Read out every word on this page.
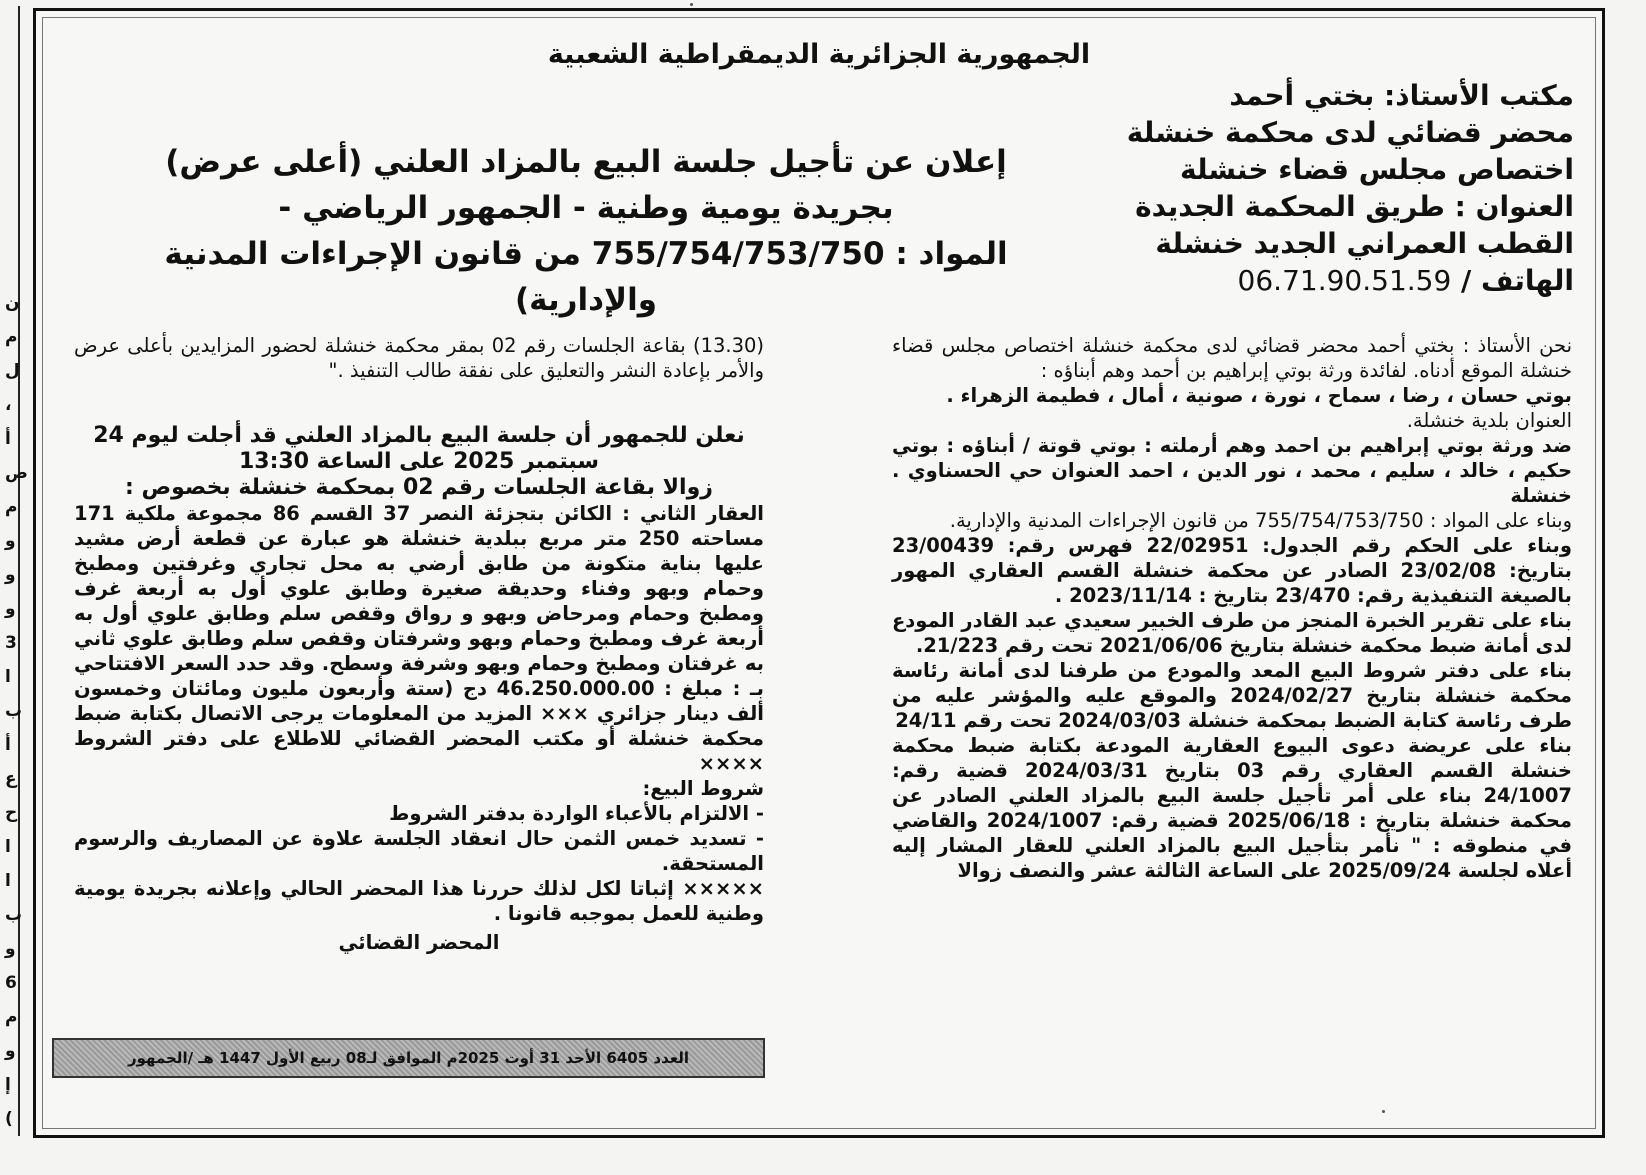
ن
م
ل
،
أ
ص
م
و
و
و
3
ا
ب
أ
ع
ح
ا
ا
ب
و
6
م
و
إ
(
الجمهورية الجزائرية الديمقراطية الشعبية
مكتب الأستاذ: بختي أحمد
محضر قضائي لدى محكمة خنشلة
اختصاص مجلس قضاء خنشلة
العنوان : طريق المحكمة الجديدة
القطب العمراني الجديد خنشلة
الهاتف / 06.71.90.51.59
إعلان عن تأجيل جلسة البيع بالمزاد العلني (أعلى عرض)
بجريدة يومية وطنية - الجمهور الرياضي -
المواد : 755/754/753/750 من قانون الإجراءات المدنية والإدارية)

نحن الأستاذ : بختي أحمد محضر قضائي لدى محكمة خنشلة اختصاص مجلس قضاء خنشلة الموقع أدناه. لفائدة ورثة بوتي إبراهيم بن أحمد وهم أبناؤه :

بوتي حسان ، رضا ، سماح ، نورة ، صونية ، أمال ، فطيمة الزهراء .

العنوان بلدية خنشلة.

ضد ورثة بوتي إبراهيم بن احمد وهم أرملته : بوتي قوتة / أبناؤه : بوتي حكيم ، خالد ، سليم ، محمد ، نور الدين ، احمد العنوان حي الحسناوي . خنشلة

وبناء على المواد : 755/754/753/750 من قانون الإجراءات المدنية والإدارية.

وبناء على الحكم رقم الجدول: 22/02951 فهرس رقم: 23/00439 بتاريخ: 23/02/08 الصادر عن محكمة خنشلة القسم العقاري المهور بالصيغة التنفيذية رقم: 23/470 بتاريخ : 2023/11/14 .

بناء على تقرير الخبرة المنجز من طرف الخبير سعيدي عبد القادر المودع لدى أمانة ضبط محكمة خنشلة بتاريخ 2021/06/06 تحت رقم 21/223.

بناء على دفتر شروط البيع المعد والمودع من طرفنا لدى أمانة رئاسة محكمة خنشلة بتاريخ 2024/02/27 والموقع عليه والمؤشر عليه من طرف رئاسة كتابة الضبط بمحكمة خنشلة 2024/03/03 تحت رقم 24/11

بناء على عريضة دعوى البيوع العقارية المودعة بكتابة ضبط محكمة خنشلة القسم العقاري رقم 03 بتاريخ 2024/03/31 قضية رقم: 24/1007 بناء على أمر تأجيل جلسة البيع بالمزاد العلني الصادر عن محكمة خنشلة بتاريخ : 2025/06/18 قضية رقم: 2024/1007 والقاضي في منطوقه : " نأمر بتأجيل البيع بالمزاد العلني للعقار المشار إليه أعلاه لجلسة 2025/09/24 على الساعة الثالثة عشر والنصف زوالا

(13.30) بقاعة الجلسات رقم 02 بمقر محكمة خنشلة لحضور المزايدين بأعلى عرض والأمر بإعادة النشر والتعليق على نفقة طالب التنفيذ ."

نعلن للجمهور أن جلسة البيع بالمزاد العلني قد أجلت ليوم 24 سبتمبر 2025 على الساعة 13:30

زوالا بقاعة الجلسات رقم 02 بمحكمة خنشلة بخصوص :

العقار الثاني : الكائن بتجزئة النصر 37 القسم 86 مجموعة ملكية 171 مساحته 250 متر مربع ببلدية خنشلة هو عبارة عن قطعة أرض مشيد عليها بناية متكونة من طابق أرضي به محل تجاري وغرفتين ومطبخ وحمام وبهو وفناء وحديقة صغيرة وطابق علوي أول به أربعة غرف ومطبخ وحمام ومرحاض وبهو و رواق وقفص سلم وطابق علوي أول به أربعة غرف ومطبخ وحمام وبهو وشرفتان وقفص سلم وطابق علوي ثاني به غرفتان ومطبخ وحمام وبهو وشرفة وسطح. وقد حدد السعر الافتتاحي بـ : مبلغ : 46.250.000.00 دج (ستة وأربعون مليون ومائتان وخمسون ألف دينار جزائري ××× المزيد من المعلومات يرجى الاتصال بكتابة ضبط محكمة خنشلة أو مكتب المحضر القضائي للاطلاع على دفتر الشروط ××××

شروط البيع:

- الالتزام بالأعباء الواردة بدفتر الشروط

- تسديد خمس الثمن حال انعقاد الجلسة علاوة عن المصاريف والرسوم المستحقة.

××××× إثباتا لكل لذلك حررنا هذا المحضر الحالي وإعلانه بجريدة يومية وطنية للعمل بموجبه قانونا .

المحضر القضائي

العدد 6405 الأحد 31 أوت 2025م الموافق لـ08 ربيع الأول 1447 هـ /الجمهور
